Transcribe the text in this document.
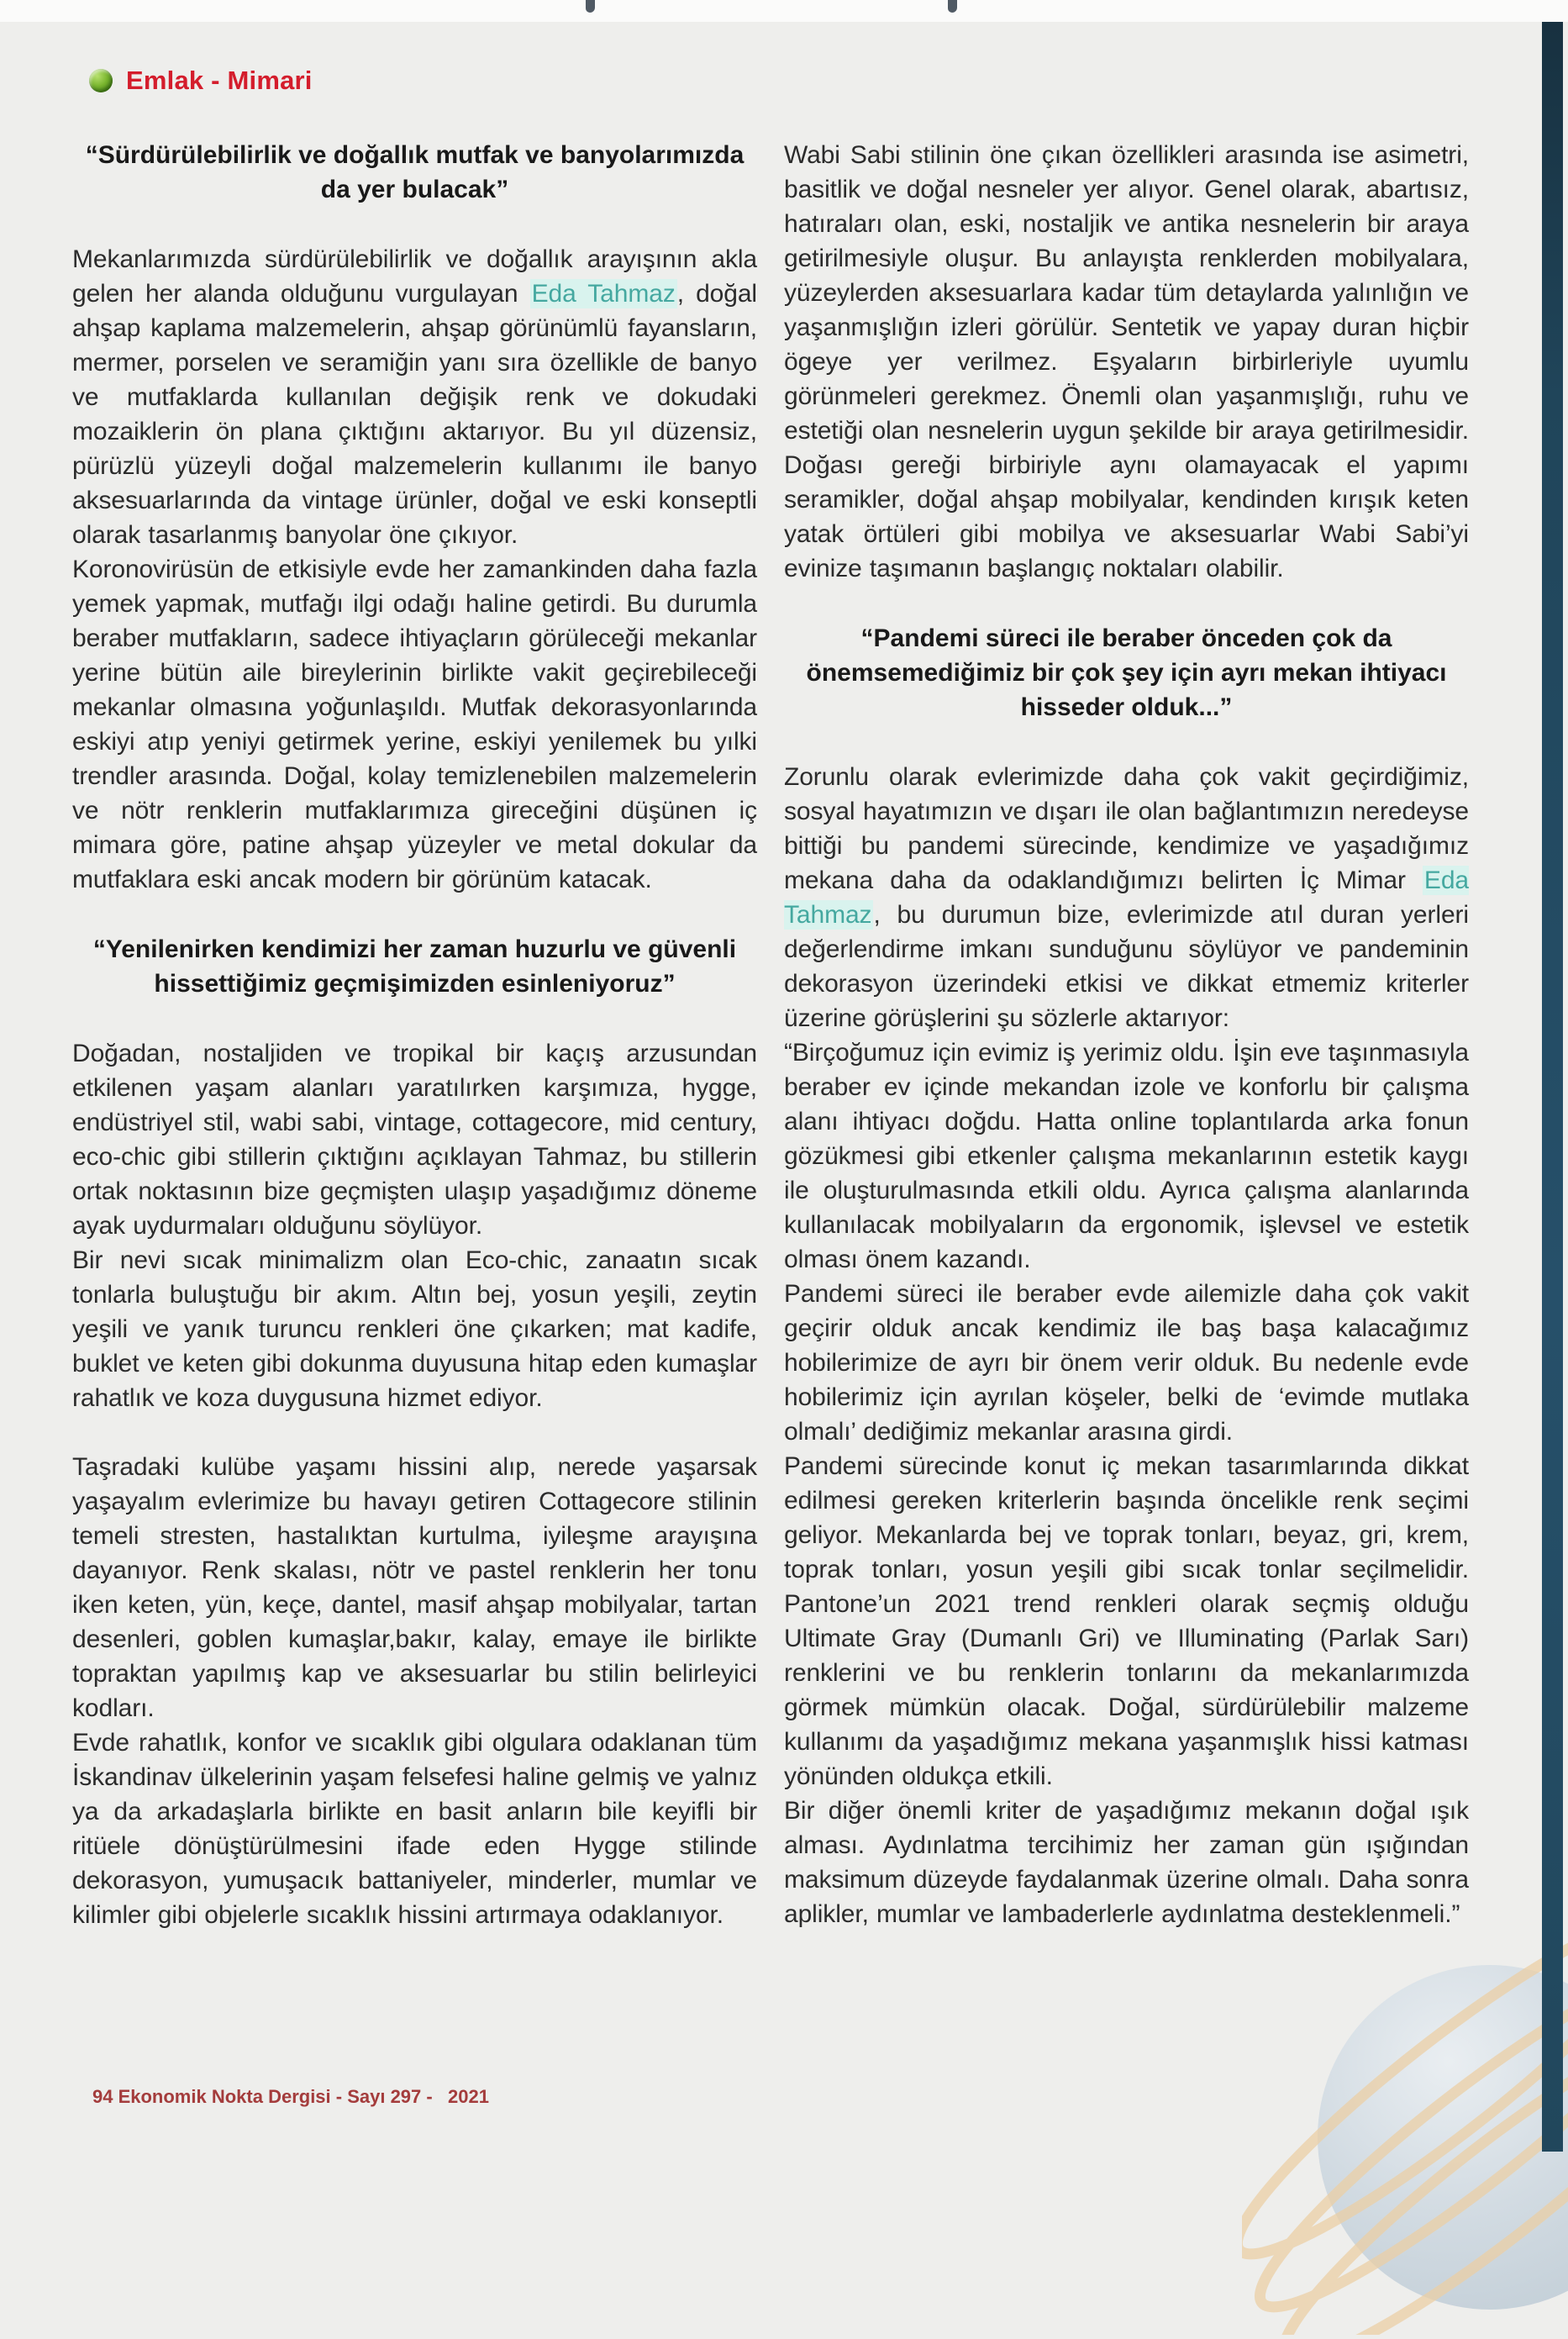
Emlak - Mimari
“Sürdürülebilirlik ve doğallık mutfak ve banyolarımızda da yer bulacak”

Mekanlarımızda sürdürülebilirlik ve doğallık arayışının akla gelen her alanda olduğunu vurgulayan Eda Tahmaz, doğal ahşap kaplama malzemelerin, ahşap görünümlü fayansların, mermer, porselen ve seramiğin yanı sıra özellikle de banyo ve mutfaklarda kullanılan değişik renk ve dokudaki mozaiklerin ön plana çıktığını aktarıyor. Bu yıl düzensiz, pürüzlü yüzeyli doğal malzemelerin kullanımı ile banyo aksesuarlarında da vintage ürünler, doğal ve eski konseptli olarak tasarlanmış banyolar öne çıkıyor.

Koronovirüsün de etkisiyle evde her zamankinden daha fazla yemek yapmak, mutfağı ilgi odağı haline getirdi. Bu durumla beraber mutfakların, sadece ihtiyaçların görüleceği mekanlar yerine bütün aile bireylerinin birlikte vakit geçirebileceği mekanlar olmasına yoğunlaşıldı. Mutfak dekorasyonlarında eskiyi atıp yeniyi getirmek yerine, eskiyi yenilemek bu yılki trendler arasında. Doğal, kolay temizlenebilen malzemelerin ve nötr renklerin mutfaklarımıza gireceğini düşünen iç mimara göre, patine ahşap yüzeyler ve metal dokular da mutfaklara eski ancak modern bir görünüm katacak.

“Yenilenirken kendimizi her zaman huzurlu ve güvenli hissettiğimiz geçmişimizden esinleniyoruz”

Doğadan, nostaljiden ve tropikal bir kaçış arzusundan etkilenen yaşam alanları yaratılırken karşımıza, hygge, endüstriyel stil, wabi sabi, vintage, cottagecore, mid century, eco-chic gibi stillerin çıktığını açıklayan Tahmaz, bu stillerin ortak noktasının bize geçmişten ulaşıp yaşadığımız döneme ayak uydurmaları olduğunu söylüyor.

Bir nevi sıcak minimalizm olan Eco-chic, zanaatın sıcak tonlarla buluştuğu bir akım. Altın bej, yosun yeşili, zeytin yeşili ve yanık turuncu renkleri öne çıkarken; mat kadife, buklet ve keten gibi dokunma duyusuna hitap eden kumaşlar rahatlık ve koza duygusuna hizmet ediyor.

Taşradaki kulübe yaşamı hissini alıp, nerede yaşarsak yaşayalım evlerimize bu havayı getiren Cottagecore stilinin temeli stresten, hastalıktan kurtulma, iyileşme arayışına dayanıyor. Renk skalası, nötr ve pastel renklerin her tonu iken keten, yün, keçe, dantel, masif ahşap mobilyalar, tartan desenleri, goblen kumaşlar,bakır, kalay, emaye ile birlikte topraktan yapılmış kap ve aksesuarlar bu stilin belirleyici kodları.

Evde rahatlık, konfor ve sıcaklık gibi olgulara odaklanan tüm İskandinav ülkelerinin yaşam felsefesi haline gelmiş ve yalnız ya da arkadaşlarla birlikte en basit anların bile keyifli bir ritüele dönüştürülmesini ifade eden Hygge stilinde dekorasyon, yumuşacık battaniyeler, minderler, mumlar ve kilimler gibi objelerle sıcaklık hissini artırmaya odaklanıyor.

Wabi Sabi stilinin öne çıkan özellikleri arasında ise asimetri, basitlik ve doğal nesneler yer alıyor. Genel olarak, abartısız, hatıraları olan, eski, nostaljik ve antika nesnelerin bir araya getirilmesiyle oluşur. Bu anlayışta renklerden mobilyalara, yüzeylerden aksesuarlara kadar tüm detaylarda yalınlığın ve yaşanmışlığın izleri görülür. Sentetik ve yapay duran hiçbir ögeye yer verilmez. Eşyaların birbirleriyle uyumlu görünmeleri gerekmez. Önemli olan yaşanmışlığı, ruhu ve estetiği olan nesnelerin uygun şekilde bir araya getirilmesidir. Doğası gereği birbiriyle aynı olamayacak el yapımı seramikler, doğal ahşap mobilyalar, kendinden kırışık keten yatak örtüleri gibi mobilya ve aksesuarlar Wabi Sabi’yi evinize taşımanın başlangıç noktaları olabilir.

“Pandemi süreci ile beraber önceden çok da önemsemediğimiz bir çok şey için ayrı mekan ihtiyacı hisseder olduk...”

Zorunlu olarak evlerimizde daha çok vakit geçirdiğimiz, sosyal hayatımızın ve dışarı ile olan bağlantımızın neredeyse bittiği bu pandemi sürecinde, kendimize ve yaşadığımız mekana daha da odaklandığımızı belirten İç Mimar Eda Tahmaz, bu durumun bize, evlerimizde atıl duran yerleri değerlendirme imkanı sunduğunu söylüyor ve pandeminin dekorasyon üzerindeki etkisi ve dikkat etmemiz kriterler üzerine görüşlerini şu sözlerle aktarıyor:

“Birçoğumuz için evimiz iş yerimiz oldu. İşin eve taşınmasıyla beraber ev içinde mekandan izole ve konforlu bir çalışma alanı ihtiyacı doğdu. Hatta online toplantılarda arka fonun gözükmesi gibi etkenler çalışma mekanlarının estetik kaygı ile oluşturulmasında etkili oldu. Ayrıca çalışma alanlarında kullanılacak mobilyaların da ergonomik, işlevsel ve estetik olması önem kazandı.

Pandemi süreci ile beraber evde ailemizle daha çok vakit geçirir olduk ancak kendimiz ile baş başa kalacağımız hobilerimize de ayrı bir önem verir olduk. Bu nedenle evde hobilerimiz için ayrılan köşeler, belki de ‘evimde mutlaka olmalı’ dediğimiz mekanlar arasına girdi.

Pandemi sürecinde konut iç mekan tasarımlarında dikkat edilmesi gereken kriterlerin başında öncelikle renk seçimi geliyor. Mekanlarda bej ve toprak tonları, beyaz, gri, krem, toprak tonları, yosun yeşili gibi sıcak tonlar seçilmelidir. Pantone’un 2021 trend renkleri olarak seçmiş olduğu Ultimate Gray (Dumanlı Gri) ve Illuminating (Parlak Sarı) renklerini ve bu renklerin tonlarını da mekanlarımızda görmek mümkün olacak. Doğal, sürdürülebilir malzeme kullanımı da yaşadığımız mekana yaşanmışlık hissi katması yönünden oldukça etkili.

Bir diğer önemli kriter de yaşadığımız mekanın doğal ışık alması. Aydınlatma tercihimiz her zaman gün ışığından maksimum düzeyde faydalanmak üzerine olmalı. Daha sonra aplikler, mumlar ve lambaderlerle aydınlatma desteklenmeli.”

94 Ekonomik Nokta Dergisi - Sayı 297 -   2021
